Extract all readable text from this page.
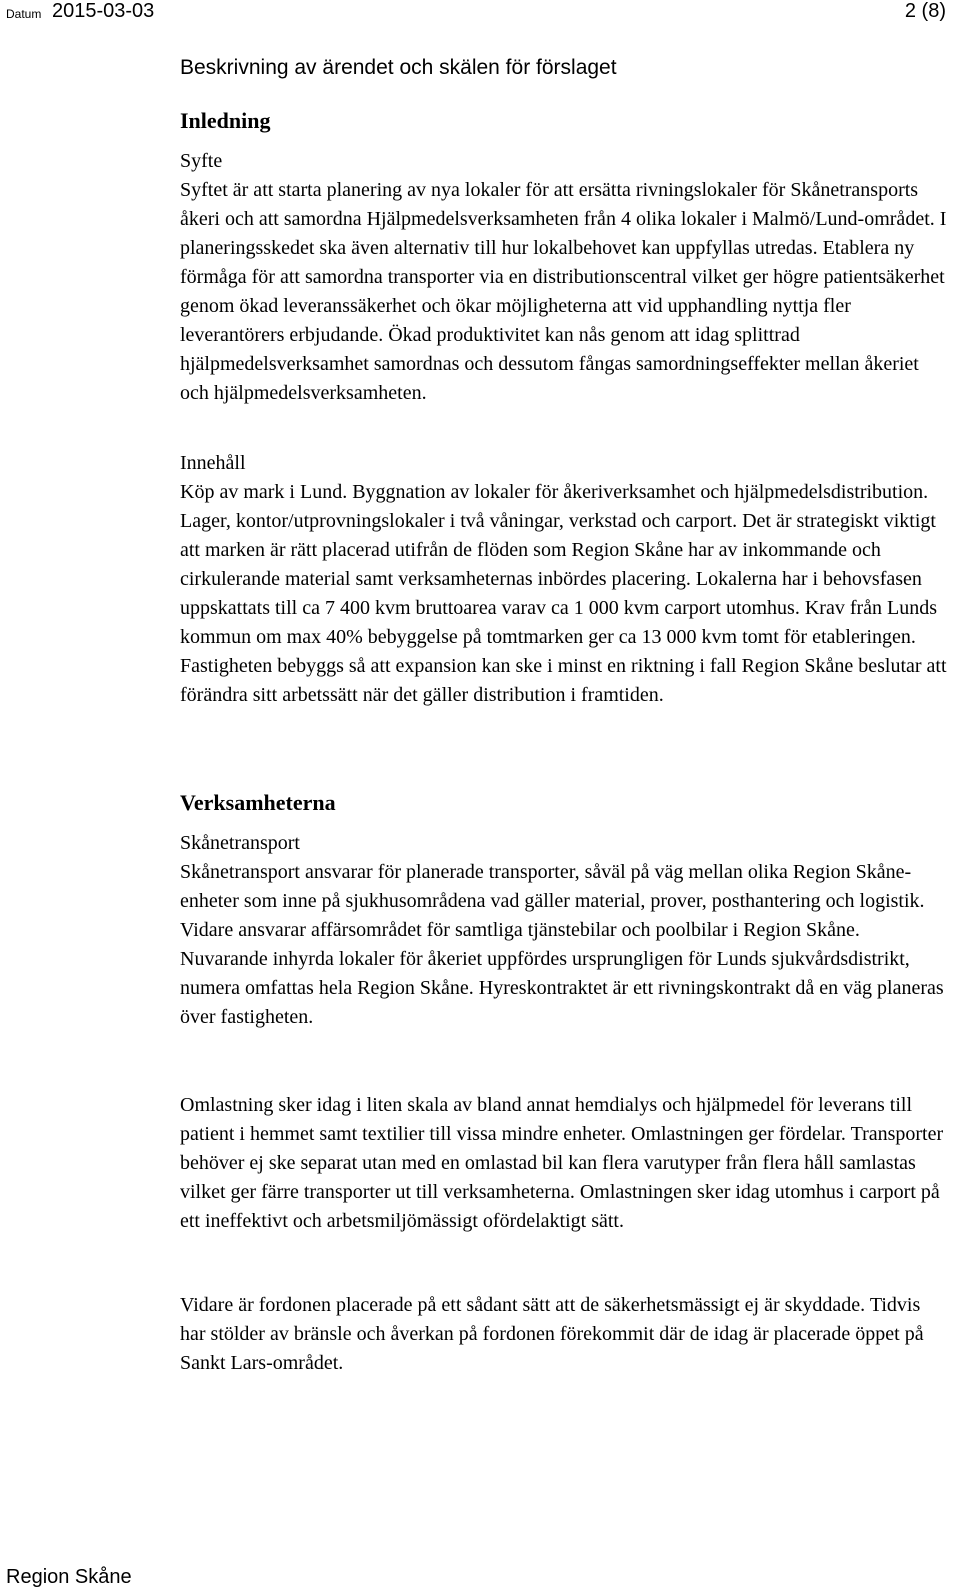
Datum 2015-03-03	2 (8)
Beskrivning av ärendet och skälen för förslaget
Inledning
Syfte

Syftet är att starta planering av nya lokaler för att ersätta rivningslokaler för Skånetransports åkeri och att samordna Hjälpmedelsverksamheten från 4 olika lokaler i Malmö/Lund-området. I planeringsskedet ska även alternativ till hur lokalbehovet kan uppfyllas utredas. Etablera ny förmåga för att samordna transporter via en distributionscentral vilket ger högre patientsäkerhet genom ökad leveranssäkerhet och ökar möjligheterna att vid upphandling nyttja fler leverantörers erbjudande. Ökad produktivitet kan nås genom att idag splittrad hjälpmedelsverksamhet samordnas och dessutom fångas samordningseffekter mellan åkeriet och hjälpmedelsverksamheten.

Innehåll

Köp av mark i Lund. Byggnation av lokaler för åkeriverksamhet och hjälpmedelsdistribution. Lager, kontor/utprovningslokaler i två våningar, verkstad och carport. Det är strategiskt viktigt att marken är rätt placerad utifrån de flöden som Region Skåne har av inkommande och cirkulerande material samt verksamheternas inbördes placering. Lokalerna har i behovsfasen uppskattats till ca 7 400 kvm bruttoarea varav ca 1 000 kvm carport utomhus. Krav från Lunds kommun om max 40% bebyggelse på tomtmarken ger ca 13 000 kvm tomt för etableringen. Fastigheten bebyggs så att expansion kan ske i minst en riktning i fall Region Skåne beslutar att förändra sitt arbetssätt när det gäller distribution i framtiden.

Verksamheterna
Skånetransport

Skånetransport ansvarar för planerade transporter, såväl på väg mellan olika Region Skåne-enheter som inne på sjukhusområdena vad gäller material, prover, posthantering och logistik. Vidare ansvarar affärsområdet för samtliga tjänstebilar och poolbilar i Region Skåne. Nuvarande inhyrda lokaler för åkeriet uppfördes ursprungligen för Lunds sjukvårdsdistrikt, numera omfattas hela Region Skåne. Hyreskontraktet är ett rivningskontrakt då en väg planeras över fastigheten.

Omlastning sker idag i liten skala av bland annat hemdialys och hjälpmedel för leverans till patient i hemmet samt textilier till vissa mindre enheter. Omlastningen ger fördelar. Transporter behöver ej ske separat utan med en omlastad bil kan flera varutyper från flera håll samlastas vilket ger färre transporter ut till verksamheterna. Omlastningen sker idag utomhus i carport på ett ineffektivt och arbetsmiljömässigt ofördelaktigt sätt.

Vidare är fordonen placerade på ett sådant sätt att de säkerhetsmässigt ej är skyddade. Tidvis har stölder av bränsle och åverkan på fordonen förekommit där de idag är placerade öppet på Sankt Lars-området.

Region Skåne
